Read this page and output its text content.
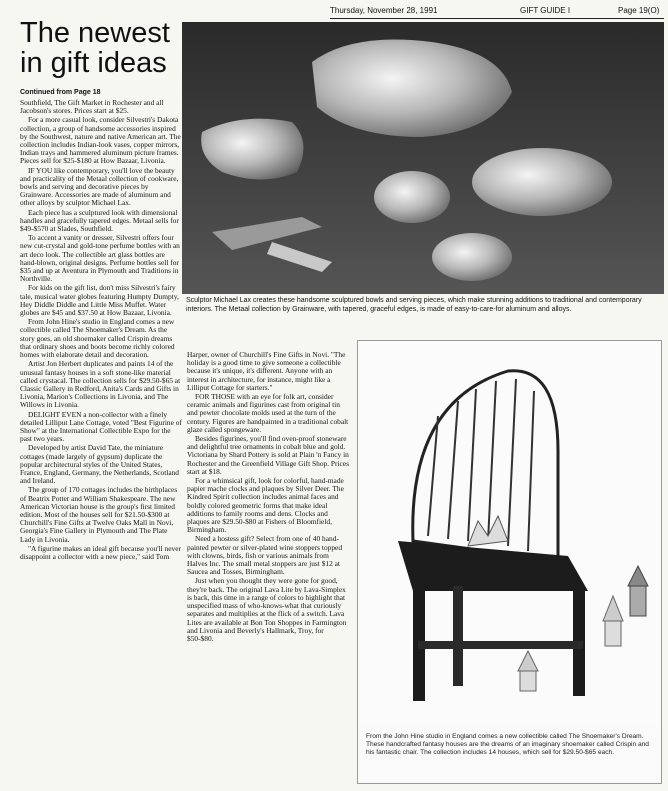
Thursday, November 28, 1991	GIFT GUIDE I	Page 19(O)
The newest in gift ideas
Continued from Page 18

Southfield, The Gift Market in Rochester and all Jacobson's stores. Prices start at $25.

For a more casual look, consider Silvestri's Dakota collection, a group of handsome accessories inspired by the Southwest, nature and native American art. The collection includes Indian-look vases, copper mirrors, Indian trays and hammered aluminum picture frames. Pieces sell for $25-$180 at How Bazaar, Livonia.

IF YOU like contemporary, you'll love the beauty and practicality of the Metaal collection of cookware, bowls and serving and decorative pieces by Grainware. Accessories are made of aluminum and other alloys by sculptor Michael Lax.

Each piece has a sculptured look with dimensional handles and gracefully tapered edges. Metaal sells for $49-$570 at Slades, Southfield.

To accent a vanity or dresser, Silvestri offers four new cut-crystal and gold-tone perfume bottles with an art deco look. The collectible art glass bottles are hand-blown, original designs. Perfume bottles sell for $35 and up at Aventura in Plymouth and Traditions in Northville.

For kids on the gift list, don't miss Silvestri's fairy tale, musical water globes featuring Humpty Dumpty, Hey Diddle Diddle and Little Miss Muffet. Water globes are $45 and $37.50 at How Bazaar, Livonia.

From John Hine's studio in England comes a new collectible called The Shoemaker's Dream. As the story goes, an old shoemaker called Crispin dreams that ordinary shoes and boots become richly colored homes with elaborate detail and decoration.

Artist Jon Herbert duplicates and paints 14 of the unusual fantasy houses in a soft stone-like material called crystacal. The collection sells for $29.50-$65 at Classic Gallery in Redford, Anita's Cards and Gifts in Livonia, Marion's Collections in Livonia, and The Willows in Livonia.

DELIGHT EVEN a non-collector with a finely detailed Lilliput Lane Cottage, voted "Best Figurine of Show" at the International Collectible Expo for the past two years.

Developed by artist David Tate, the miniature cottages (made largely of gypsum) duplicate the popular architectural styles of the United States, France, England, Germany, the Netherlands, Scotland and Ireland.

The group of 170 cottages includes the birthplaces of Beatrix Potter and William Shakespeare. The new American Victorian house is the group's first limited edition. Most of the houses sell for $21.50-$300 at Churchill's Fine Gifts at Twelve Oaks Mall in Novi, Georgia's Fine Gallery in Plymouth and The Plate Lady in Livonia.

"A figurine makes an ideal gift because you'll never disappoint a collector with a new piece," said Tom

Sculptor Michael Lax creates these handsome sculptured bowls and serving pieces, which make stunning additions to traditional and contemporary interiors. The Metaal collection by Grainware, with tapered, graceful edges, is made of easy-to-care-for aluminum and alloys.

Harper, owner of Churchill's Fine Gifts in Novi. "The holiday is a good time to give someone a collectible because it's unique, it's different. Anyone with an interest in architecture, for instance, might like a Lilliput Cottage for starters."

FOR THOSE with an eye for folk art, consider ceramic animals and figurines cast from original tin and pewter chocolate molds used at the turn of the century. Figures are handpainted in a traditional cobalt glaze called spongeware.

Besides figurines, you'll find oven-proof stoneware and delightful tree ornaments in cobalt blue and gold. Victoriana by Shard Pottery is sold at Plain 'n Fancy in Rochester and the Greenfield Village Gift Shop. Prices start at $18.

For a whimsical gift, look for colorful, hand-made papier mache clocks and plaques by Silver Deer. The Kindred Spirit collection includes animal faces and boldly colored geometric forms that make ideal additions to family rooms and dens. Clocks and plaques are $29.50-$80 at Fishers of Bloomfield, Birmingham.

Need a hostess gift? Select from one of 40 hand-painted pewter or silver-plated wine stoppers topped with clowns, birds, fish or various animals from Halves Inc. The small metal stoppers are just $12 at Saucea and Tosses, Birmingham.

Just when you thought they were gone for good, they're back. The original Lava Lite by Lava-Simplex is back, this time in a range of colors to highlight that unspecified mass of who-knows-what that curiously separates and multiplies at the flick of a switch. Lava Lites are available at Bon Ton Shoppes in Farmington and Livonia and Beverly's Hallmark, Troy, for $50-$80.

From the John Hine studio in England comes a new collectible called The Shoemaker's Dream. These handcrafted fantasy houses are the dreams of an imaginary shoemaker called Crispin and his fantastic chair. The collection includes 14 houses, which sell for $29.50-$65 each.
